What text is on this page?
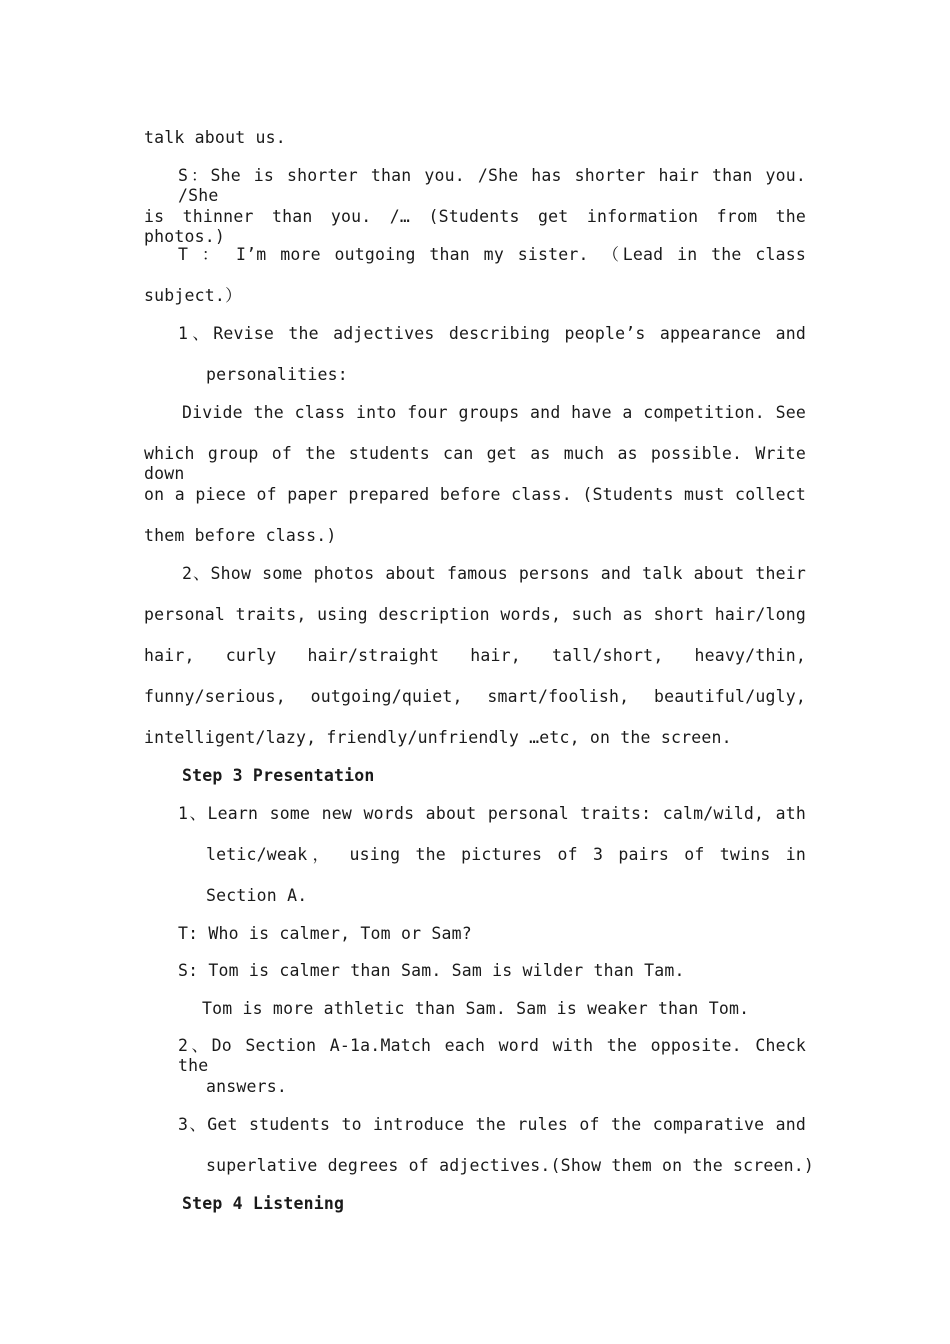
talk about us.
S：She is shorter than you. /She has shorter hair than you. /She
is thinner than you. /… (Students get information from the photos.)
T ： I’m more outgoing than my sister. （Lead in the class
subject.）
1、Revise the adjectives describing people’s appearance and
personalities:
Divide the class into four groups and have a competition. See
which group of the students can get as much as possible. Write down
on a piece of paper prepared before class. (Students must collect
them before class.)
2、Show some photos about famous persons and talk about their
personal traits, using description words, such as short hair/long
hair, curly hair/straight hair, tall/short, heavy/thin,
funny/serious, outgoing/quiet, smart/foolish, beautiful/ugly,
intelligent/lazy, friendly/unfriendly …etc, on the screen.
Step 3 Presentation
1、Learn some new words about personal traits: calm/wild, ath
letic/weak， using the pictures of 3 pairs of twins in
Section A.
T: Who is calmer, Tom or Sam?
S: Tom is calmer than Sam. Sam is wilder than Tam.
Tom is more athletic than Sam. Sam is weaker than Tom.
2、Do Section A-1a.Match each word with the opposite. Check the
answers.
3、Get students to introduce the rules of the comparative and
superlative degrees of adjectives.(Show them on the screen.)
Step 4 Listening
